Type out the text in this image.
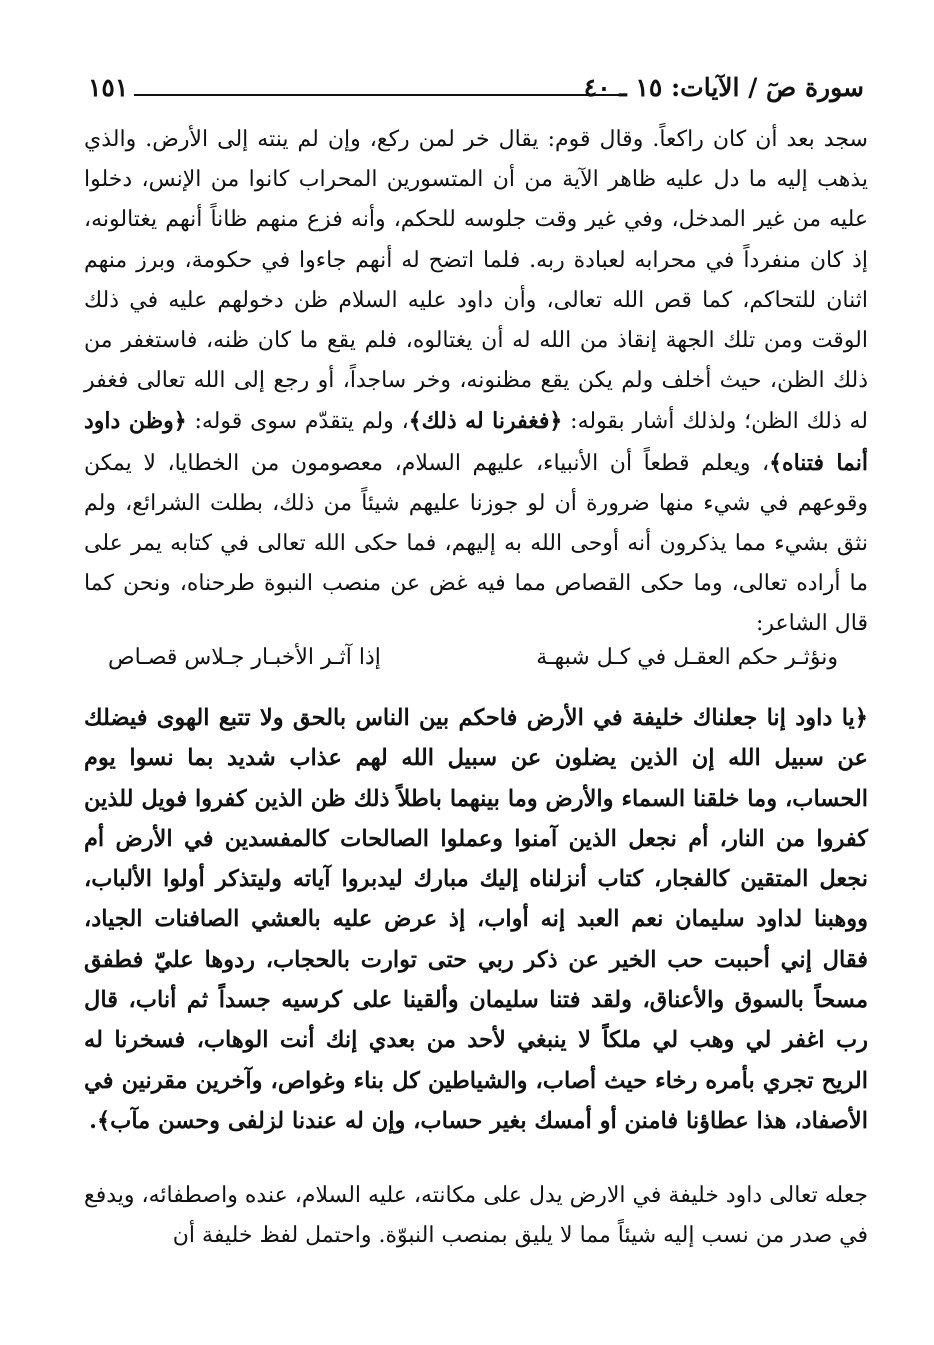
سورة صٓ / الآيات: ١٥ ـ ٤٠
١٥١
سجد بعد أن كان راكعاً. وقال قوم: يقال خر لمن ركع، وإن لم ينته إلى الأرض. والذي يذهب إليه ما دل عليه ظاهر الآية من أن المتسورين المحراب كانوا من الإنس، دخلوا عليه من غير المدخل، وفي غير وقت جلوسه للحكم، وأنه فزع منهم ظاناً أنهم يغتالونه، إذ كان منفرداً في محرابه لعبادة ربه. فلما اتضح له أنهم جاءوا في حكومة، وبرز منهم اثنان للتحاكم، كما قص الله تعالى، وأن داود عليه السلام ظن دخولهم عليه في ذلك الوقت ومن تلك الجهة إنقاذ من الله له أن يغتالوه، فلم يقع ما كان ظنه، فاستغفر من ذلك الظن، حيث أخلف ولم يكن يقع مظنونه، وخر ساجداً، أو رجع إلى الله تعالى فغفر له ذلك الظن؛ ولذلك أشار بقوله: ﴿فغفرنا له ذلك﴾، ولم يتقدّم سوى قوله: ﴿وظن داود أنما فتناه﴾، ويعلم قطعاً أن الأنبياء، عليهم السلام، معصومون من الخطايا، لا يمكن وقوعهم في شيء منها ضرورة أن لو جوزنا عليهم شيئاً من ذلك، بطلت الشرائع، ولم نثق بشيء مما يذكرون أنه أوحى الله به إليهم، فما حكى الله تعالى في كتابه يمر على ما أراده تعالى، وما حكى القصاص مما فيه غض عن منصب النبوة طرحناه، ونحن كما قال الشاعر:
ونؤثـر حكم العقـل في كـل شبهـة
إذا آثـر الأخبـار جـلاس قصـاص
﴿يا داود إنا جعلناك خليفة في الأرض فاحكم بين الناس بالحق ولا تتبع الهوى فيضلك عن سبيل الله إن الذين يضلون عن سبيل الله لهم عذاب شديد بما نسوا يوم الحساب، وما خلقنا السماء والأرض وما بينهما باطلاً ذلك ظن الذين كفروا فويل للذين كفروا من النار، أم نجعل الذين آمنوا وعملوا الصالحات كالمفسدين في الأرض أم نجعل المتقين كالفجار، كتاب أنزلناه إليك مبارك ليدبروا آياته وليتذكر أولوا الألباب، ووهبنا لداود سليمان نعم العبد إنه أواب، إذ عرض عليه بالعشي الصافنات الجياد، فقال إني أحببت حب الخير عن ذكر ربي حتى توارت بالحجاب، ردوها عليّ فطفق مسحاً بالسوق والأعناق، ولقد فتنا سليمان وألقينا على كرسيه جسداً ثم أناب، قال رب اغفر لي وهب لي ملكاً لا ينبغي لأحد من بعدي إنك أنت الوهاب، فسخرنا له الريح تجري بأمره رخاء حيث أصاب، والشياطين كل بناء وغواص، وآخرين مقرنين في الأصفاد، هذا عطاؤنا فامنن أو أمسك بغير حساب، وإن له عندنا لزلفى وحسن مآب﴾.
جعله تعالى داود خليفة في الارض يدل على مكانته، عليه السلام، عنده واصطفائه، ويدفع في صدر من نسب إليه شيئاً مما لا يليق بمنصب النبوّة. واحتمل لفظ خليفة أن
